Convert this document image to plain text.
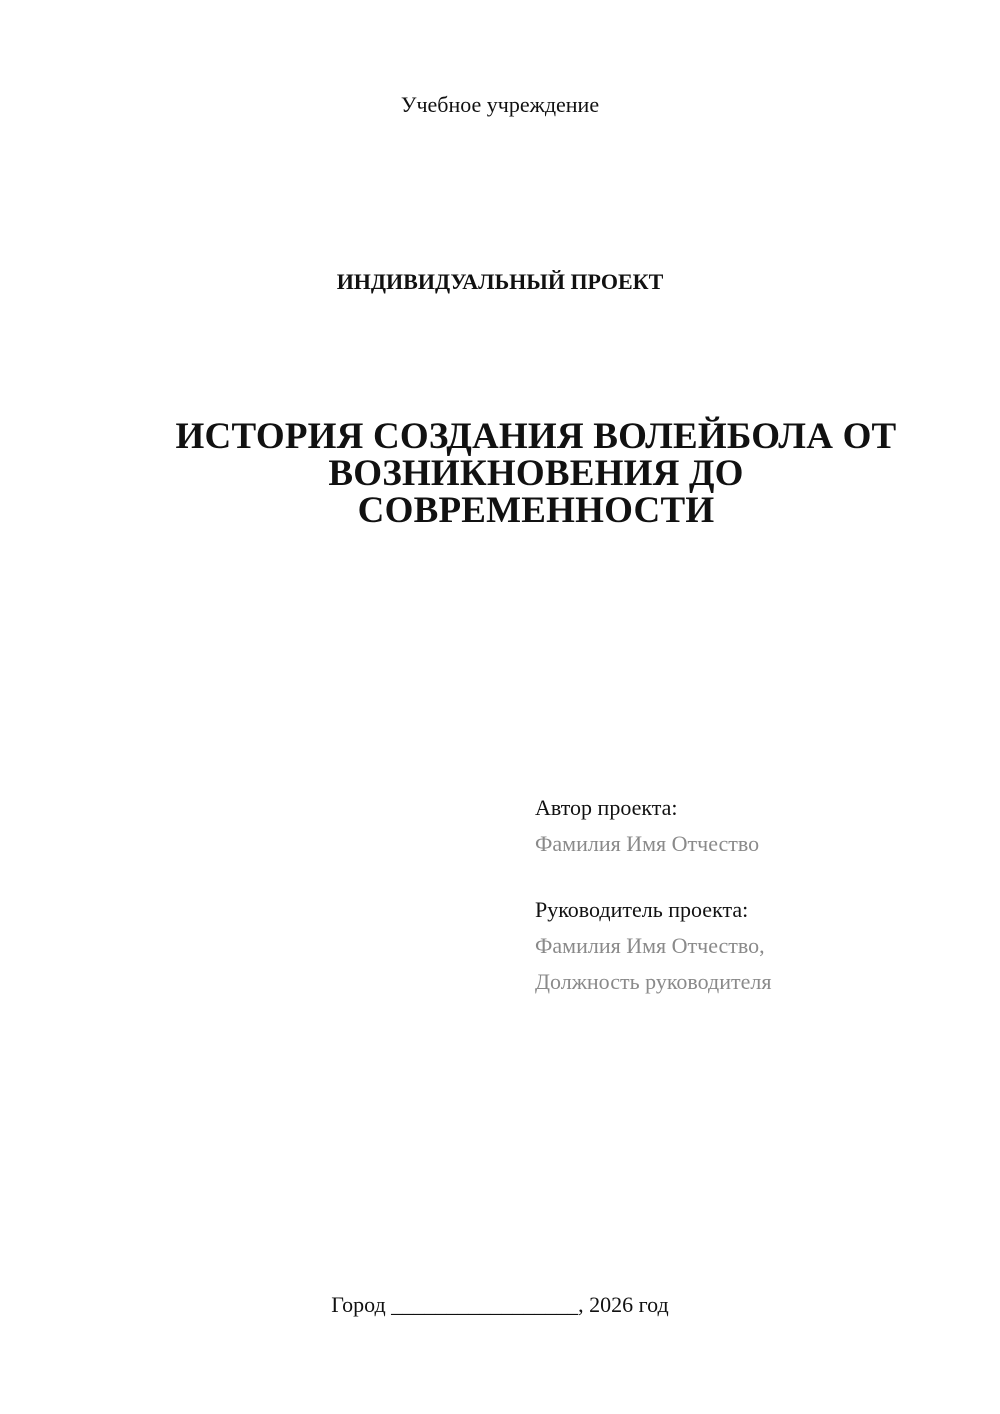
Учебное учреждение
ИНДИВИДУАЛЬНЫЙ ПРОЕКТ
ИСТОРИЯ СОЗДАНИЯ ВОЛЕЙБОЛА ОТ
ВОЗНИКНОВЕНИЯ ДО
СОВРЕМЕННОСТИ
Автор проекта:
Фамилия Имя Отчество
Руководитель проекта:
Фамилия Имя Отчество,
Должность руководителя
Город _________________, 2026 год
